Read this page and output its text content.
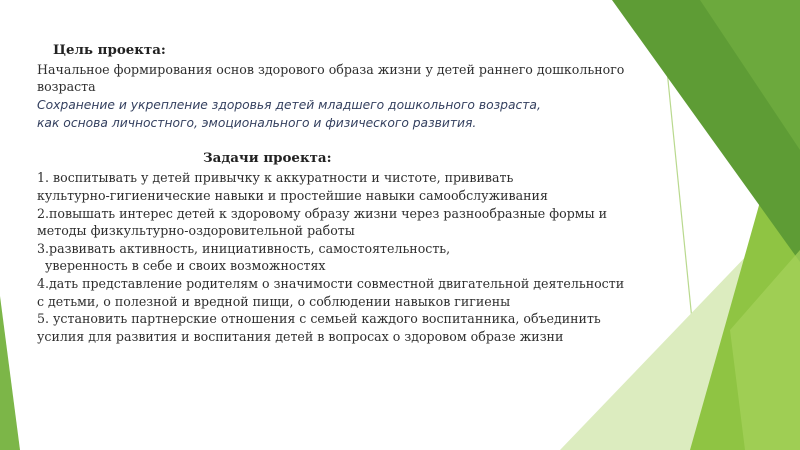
Цель проекта:
Начальное формирования основ здорового образа жизни у детей раннего дошкольного
возраста
Сохранение и укрепление здоровья детей младшего дошкольного возраста,
как основа личностного, эмоционального и физического развития.
Задачи проекта:
1. воспитывать у детей привычку к аккуратности и чистоте, прививать
культурно-гигиенические навыки и простейшие навыки самообслуживания
2.повышать интерес детей к здоровому образу жизни через разнообразные формы и
методы физкультурно-оздоровительной работы
3.развивать активность, инициативность, самостоятельность,
уверенность в себе и своих возможностях
4.дать представление родителям о значимости совместной двигательной деятельности
с детьми, о полезной и вредной пищи, о соблюдении навыков гигиены
5. установить партнерские отношения с семьей каждого воспитанника, объединить
усилия для развития и воспитания детей в вопросах о здоровом образе жизни
